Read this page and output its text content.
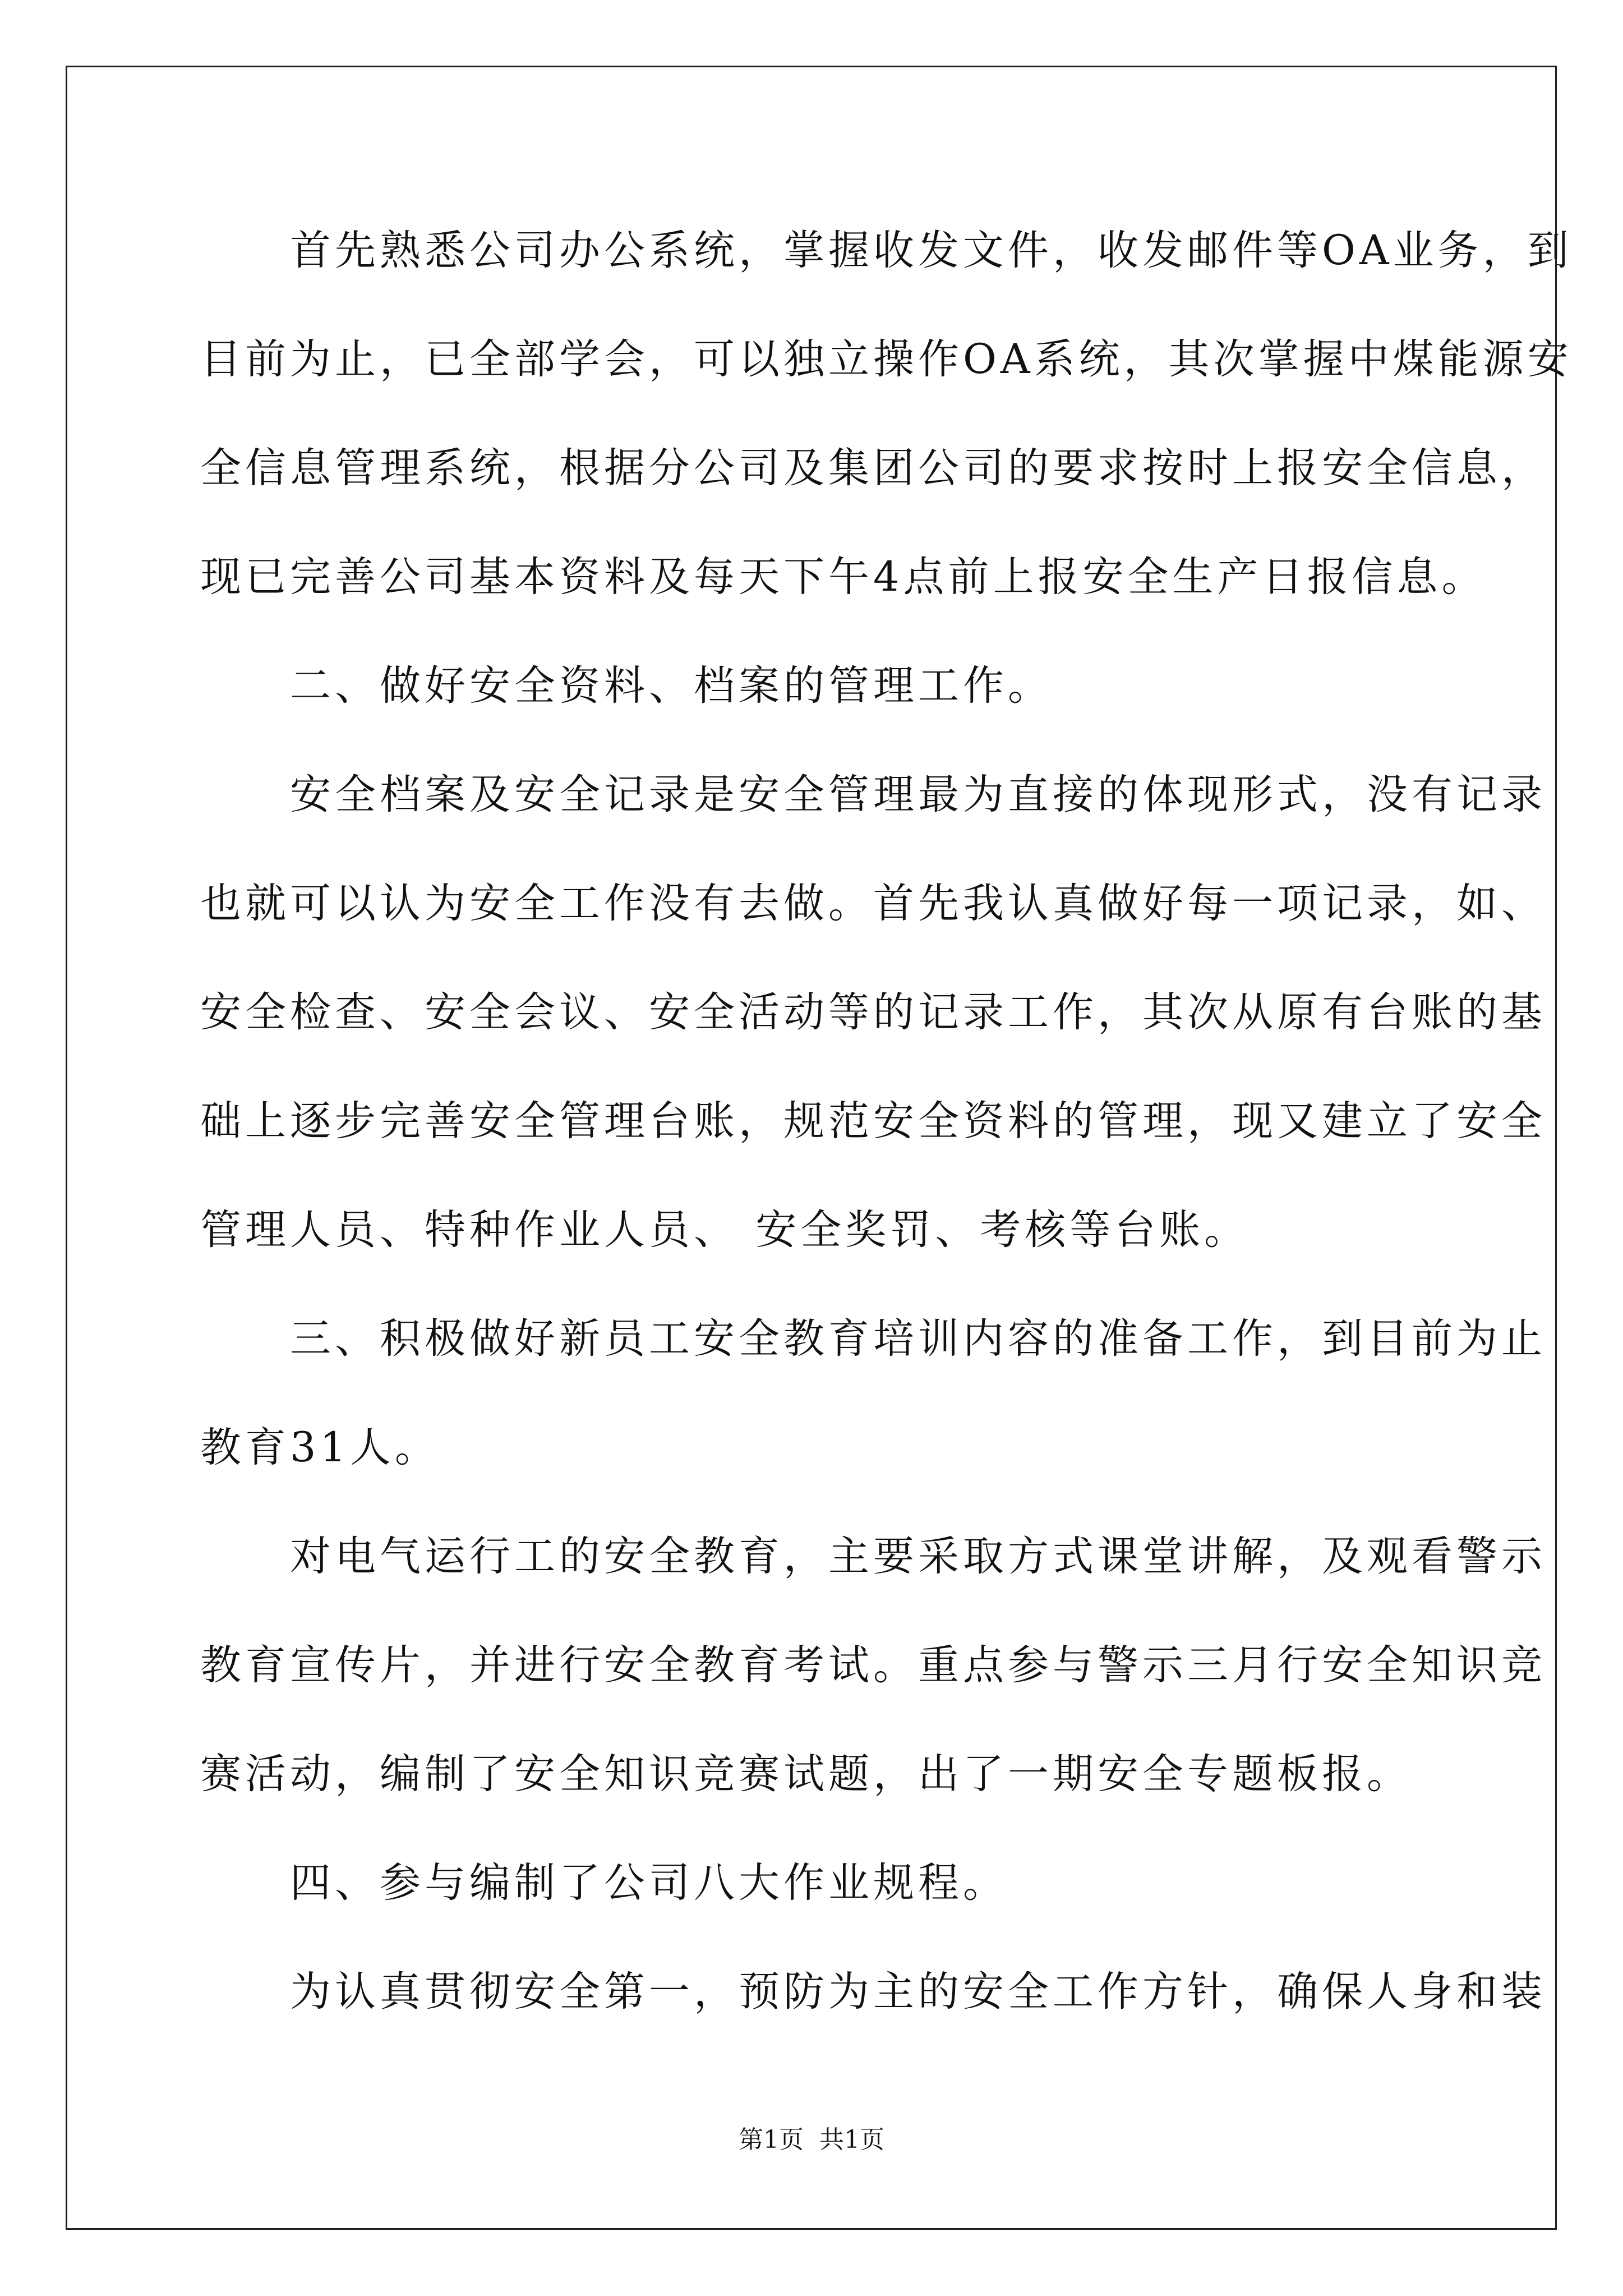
　　首先熟悉公司办公系统，掌握收发文件，收发邮件等OA业务，到
目前为止，已全部学会，可以独立操作OA系统，其次掌握中煤能源安
全信息管理系统，根据分公司及集团公司的要求按时上报安全信息，
现已完善公司基本资料及每天下午4点前上报安全生产日报信息。
　　二、做好安全资料、档案的管理工作。
　　安全档案及安全记录是安全管理最为直接的体现形式，没有记录
也就可以认为安全工作没有去做。首先我认真做好每一项记录，如、
安全检查、安全会议、安全活动等的记录工作，其次从原有台账的基
础上逐步完善安全管理台账，规范安全资料的管理，现又建立了安全
管理人员、特种作业人员、 安全奖罚、考核等台账。
　　三、积极做好新员工安全教育培训内容的准备工作，到目前为止
教育31人。
　　对电气运行工的安全教育，主要采取方式课堂讲解，及观看警示
教育宣传片，并进行安全教育考试。重点参与警示三月行安全知识竞
赛活动，编制了安全知识竞赛试题，出了一期安全专题板报。
　　四、参与编制了公司八大作业规程。
　　为认真贯彻安全第一，预防为主的安全工作方针，确保人身和装
第1页  共1页
